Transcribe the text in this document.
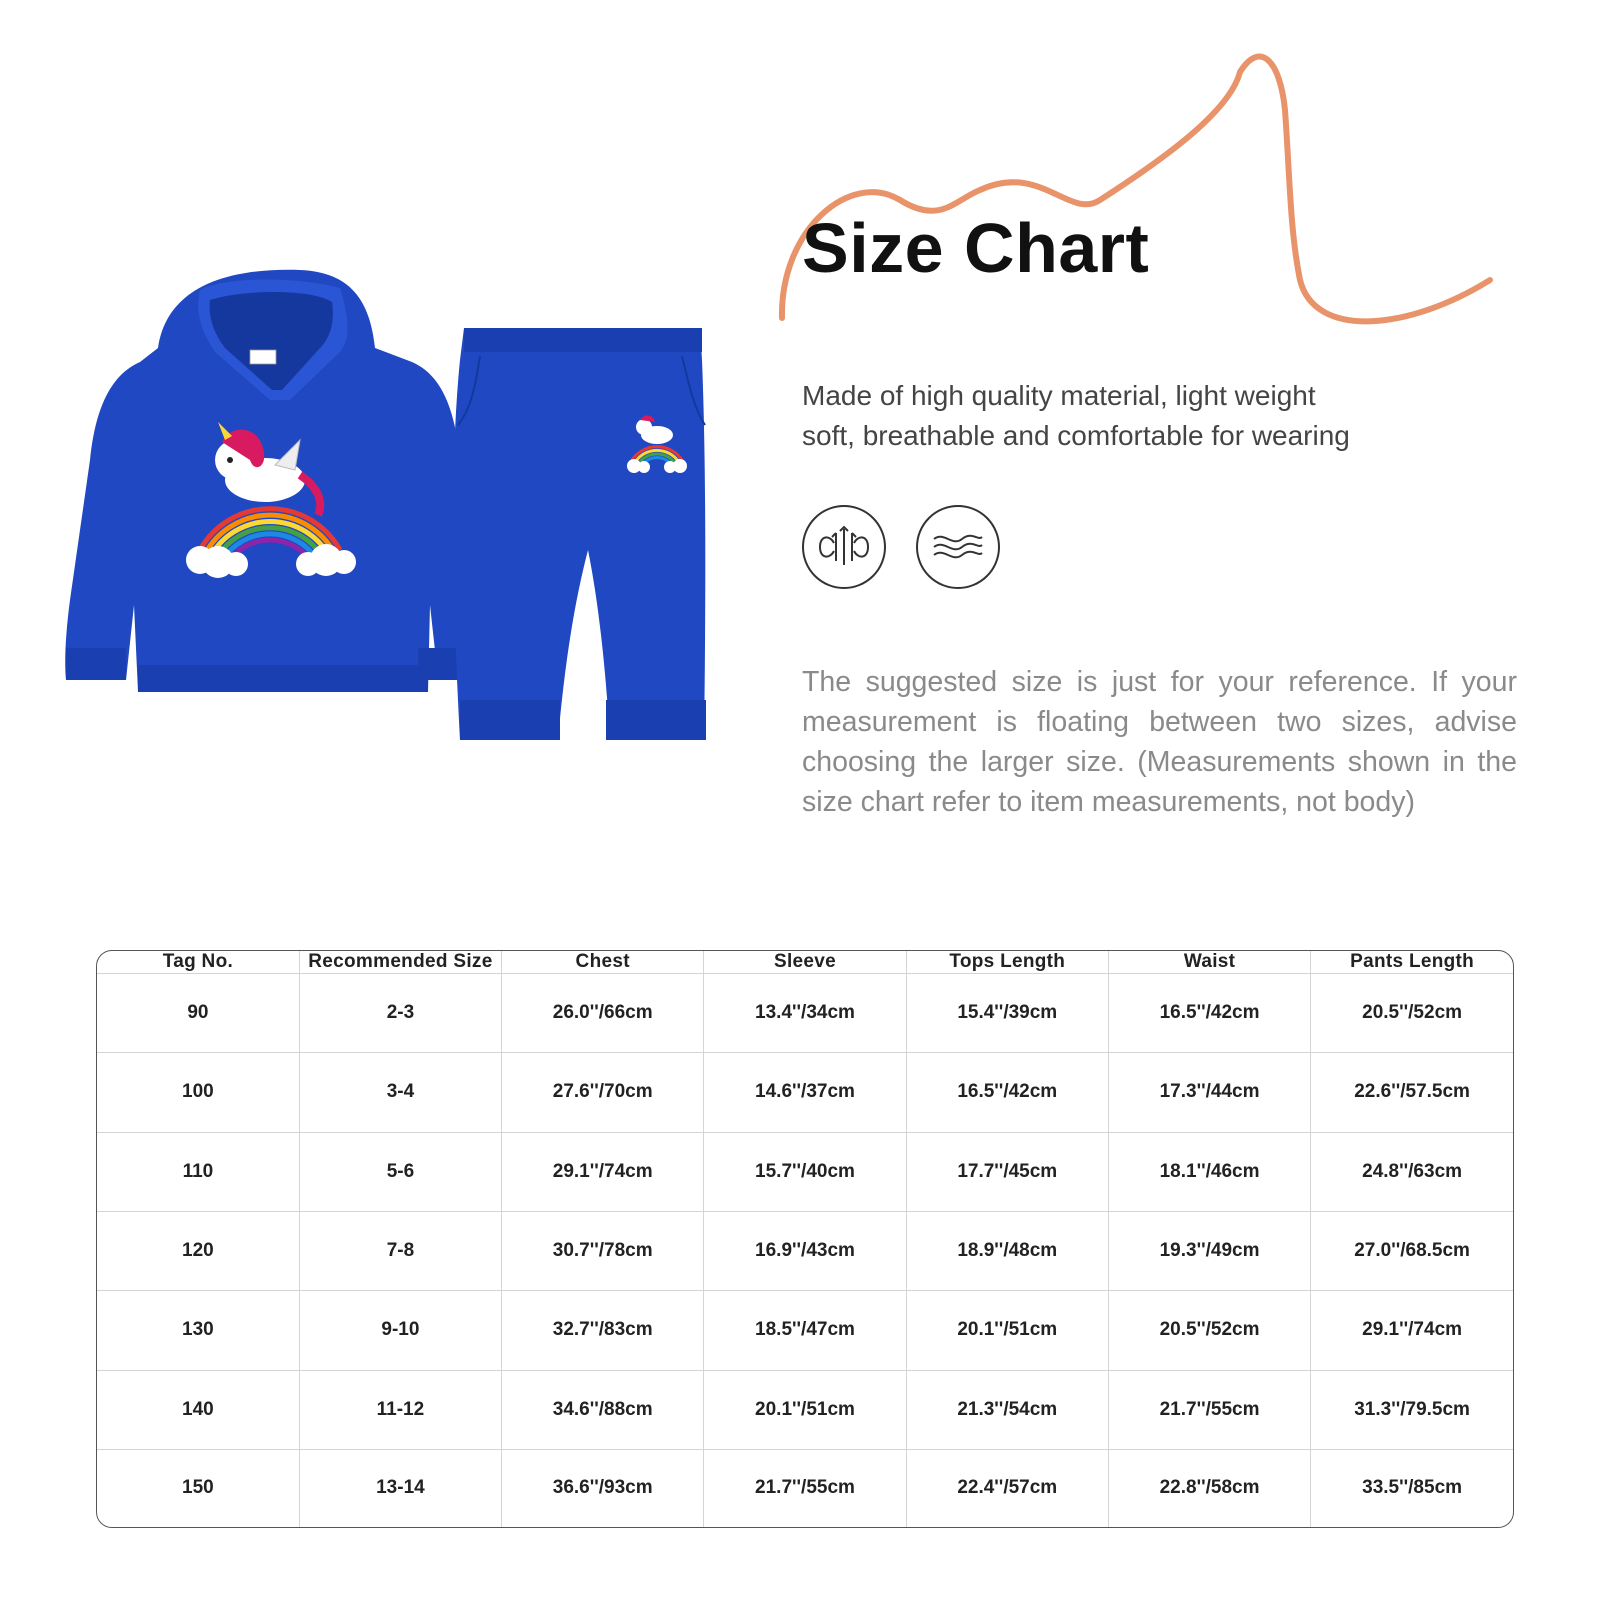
Size Chart
Made of high quality material, light weight
soft, breathable and comfortable for wearing
The suggested size is just for your reference. If your measurement is floating between two sizes, advise choosing the larger size. (Measurements shown in the size chart refer to item measurements, not body)
Tag No.	Recommended Size	Chest	Sleeve	Tops Length	Waist	Pants Length
90	2-3	26.0''/66cm	13.4''/34cm	15.4''/39cm	16.5''/42cm	20.5''/52cm
100	3-4	27.6''/70cm	14.6''/37cm	16.5''/42cm	17.3''/44cm	22.6''/57.5cm
110	5-6	29.1''/74cm	15.7''/40cm	17.7''/45cm	18.1''/46cm	24.8''/63cm
120	7-8	30.7''/78cm	16.9''/43cm	18.9''/48cm	19.3''/49cm	27.0''/68.5cm
130	9-10	32.7''/83cm	18.5''/47cm	20.1''/51cm	20.5''/52cm	29.1''/74cm
140	11-12	34.6''/88cm	20.1''/51cm	21.3''/54cm	21.7''/55cm	31.3''/79.5cm
150	13-14	36.6''/93cm	21.7''/55cm	22.4''/57cm	22.8''/58cm	33.5''/85cm
